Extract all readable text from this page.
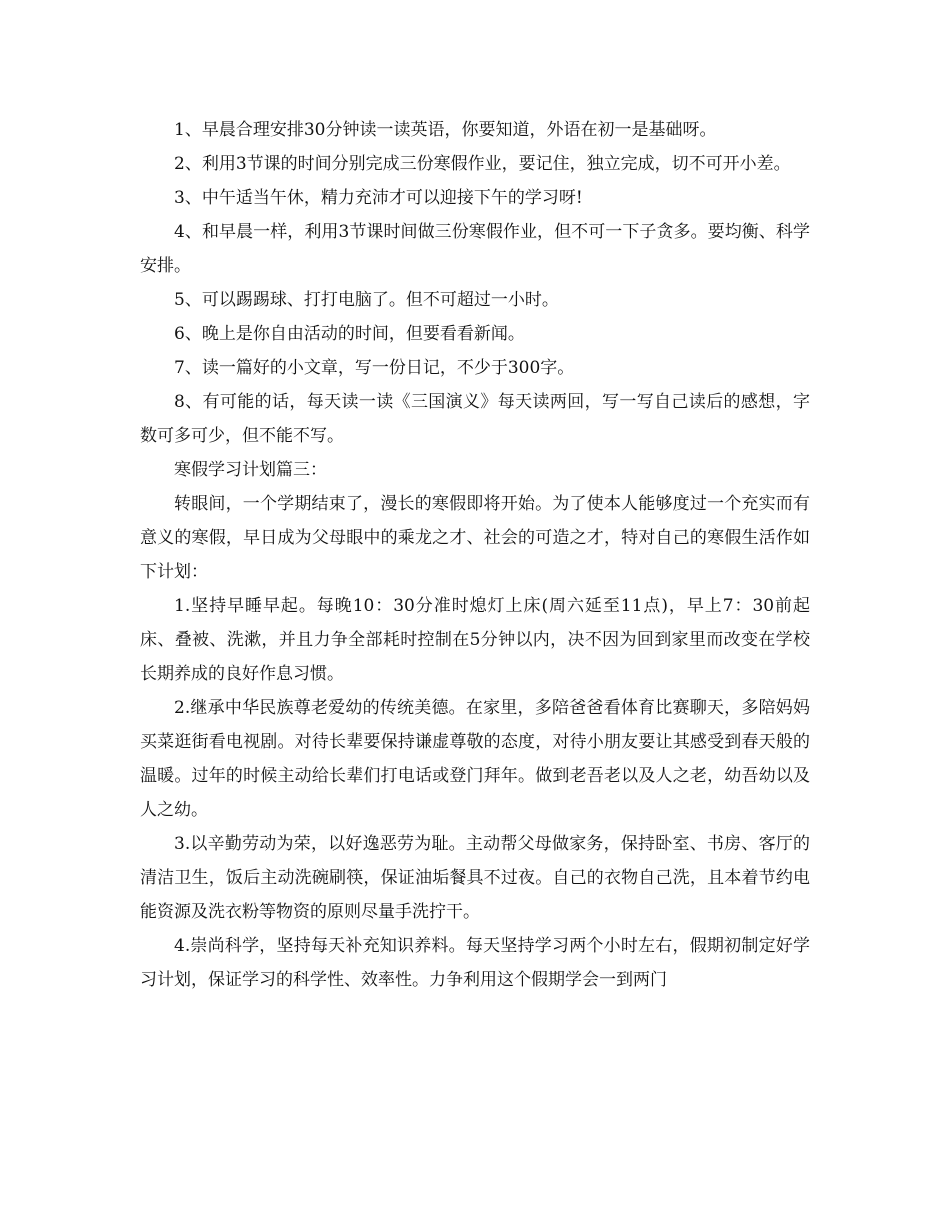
1、早晨合理安排30分钟读一读英语，你要知道，外语在初一是基础呀。

2、利用3节课的时间分别完成三份寒假作业，要记住，独立完成，切不可开小差。

3、中午适当午休，精力充沛才可以迎接下午的学习呀!

4、和早晨一样，利用3节课时间做三份寒假作业，但不可一下子贪多。要均衡、科学安排。

5、可以踢踢球、打打电脑了。但不可超过一小时。

6、晚上是你自由活动的时间，但要看看新闻。

7、读一篇好的小文章，写一份日记，不少于300字。

8、有可能的话，每天读一读《三国演义》每天读两回，写一写自己读后的感想，字数可多可少，但不能不写。

寒假学习计划篇三：

转眼间，一个学期结束了，漫长的寒假即将开始。为了使本人能够度过一个充实而有意义的寒假，早日成为父母眼中的乘龙之才、社会的可造之才，特对自己的寒假生活作如下计划：

1.坚持早睡早起。每晚10：30分准时熄灯上床(周六延至11点)，早上7：30前起床、叠被、洗漱，并且力争全部耗时控制在5分钟以内，决不因为回到家里而改变在学校长期养成的良好作息习惯。

2.继承中华民族尊老爱幼的传统美德。在家里，多陪爸爸看体育比赛聊天，多陪妈妈买菜逛街看电视剧。对待长辈要保持谦虚尊敬的态度，对待小朋友要让其感受到春天般的温暖。过年的时候主动给长辈们打电话或登门拜年。做到老吾老以及人之老，幼吾幼以及人之幼。

3.以辛勤劳动为荣，以好逸恶劳为耻。主动帮父母做家务，保持卧室、书房、客厅的清洁卫生，饭后主动洗碗刷筷，保证油垢餐具不过夜。自己的衣物自己洗，且本着节约电能资源及洗衣粉等物资的原则尽量手洗拧干。

4.崇尚科学，坚持每天补充知识养料。每天坚持学习两个小时左右，假期初制定好学习计划，保证学习的科学性、效率性。力争利用这个假期学会一到两门
